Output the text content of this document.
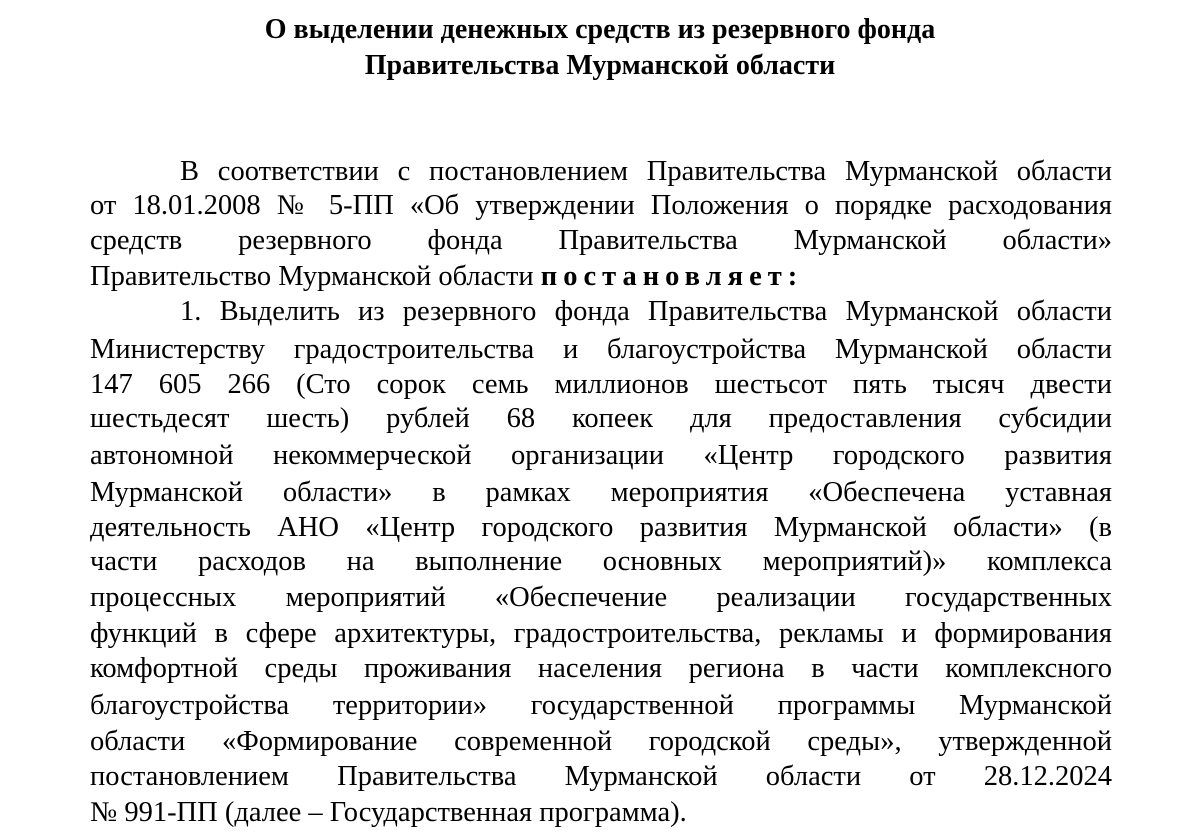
О выделении денежных средств из резервного фонда
Правительства Мурманской области
В соответствии с постановлением Правительства Мурманской области
от 18.01.2008 № 5-ПП «Об утверждении Положения о порядке расходования
средств резервного фонда Правительства Мурманской области»
Правительство Мурманской области постановляет:
1. Выделить из резервного фонда Правительства Мурманской области
Министерству градостроительства и благоустройства Мурманской области
147 605 266 (Сто сорок семь миллионов шестьсот пять тысяч двести
шестьдесят шесть) рублей 68 копеек для предоставления субсидии
автономной некоммерческой организации «Центр городского развития
Мурманской области» в рамках мероприятия «Обеспечена уставная
деятельность АНО «Центр городского развития Мурманской области» (в
части расходов на выполнение основных мероприятий)» комплекса
процессных мероприятий «Обеспечение реализации государственных
функций в сфере архитектуры, градостроительства, рекламы и формирования
комфортной среды проживания населения региона в части комплексного
благоустройства территории» государственной программы Мурманской
области «Формирование современной городской среды», утвержденной
постановлением Правительства Мурманской области от 28.12.2024
№ 991-ПП (далее – Государственная программа).
